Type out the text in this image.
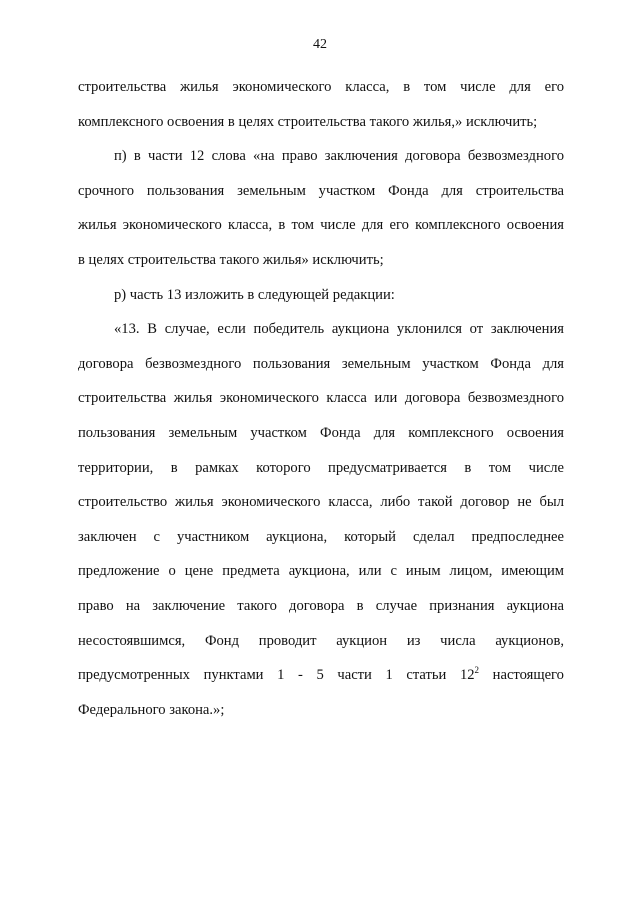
42
строительства жилья экономического класса, в том числе для его
комплексного освоения в целях строительства такого жилья,» исключить;
п) в части 12 слова «на право заключения договора безвозмездного
срочного пользования земельным участком Фонда для строительства
жилья экономического класса, в том числе для его комплексного освоения
в целях строительства такого жилья» исключить;
р) часть 13 изложить в следующей редакции:
«13. В случае, если победитель аукциона уклонился от заключения
договора безвозмездного пользования земельным участком Фонда для
строительства жилья экономического класса или договора безвозмездного
пользования земельным участком Фонда для комплексного освоения
территории, в рамках которого предусматривается в том числе
строительство жилья экономического класса, либо такой договор не был
заключен с участником аукциона, который сделал предпоследнее
предложение о цене предмета аукциона, или с иным лицом, имеющим
право на заключение такого договора в случае признания аукциона
несостоявшимся, Фонд проводит аукцион из числа аукционов,
предусмотренных пунктами 1 - 5 части 1 статьи $12^2$ настоящего
Федерального закона.»;
